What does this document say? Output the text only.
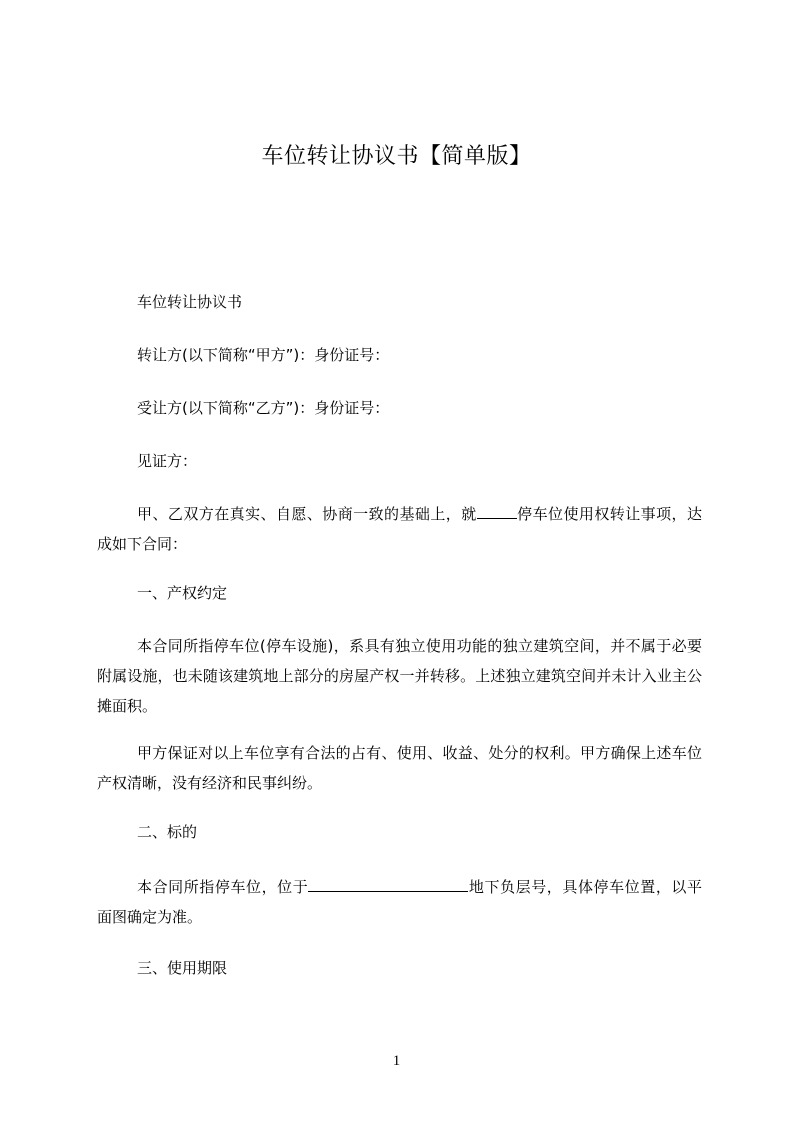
车位转让协议书【简单版】
车位转让协议书
转让方(以下简称“甲方”)：身份证号：
受让方(以下简称“乙方”)：身份证号：
见证方：
甲、乙双方在真实、自愿、协商一致的基础上，就	停车位使用权转让事项，达成如下合同：
一、产权约定
本合同所指停车位(停车设施)，系具有独立使用功能的独立建筑空间，并不属于必要附属设施，也未随该建筑地上部分的房屋产权一并转移。上述独立建筑空间并未计入业主公摊面积。
甲方保证对以上车位享有合法的占有、使用、收益、处分的权利。甲方确保上述车位产权清晰，没有经济和民事纠纷。
二、标的
本合同所指停车位，位于	地下负层号，具体停车位置，以平面图确定为准。
三、使用期限
1
